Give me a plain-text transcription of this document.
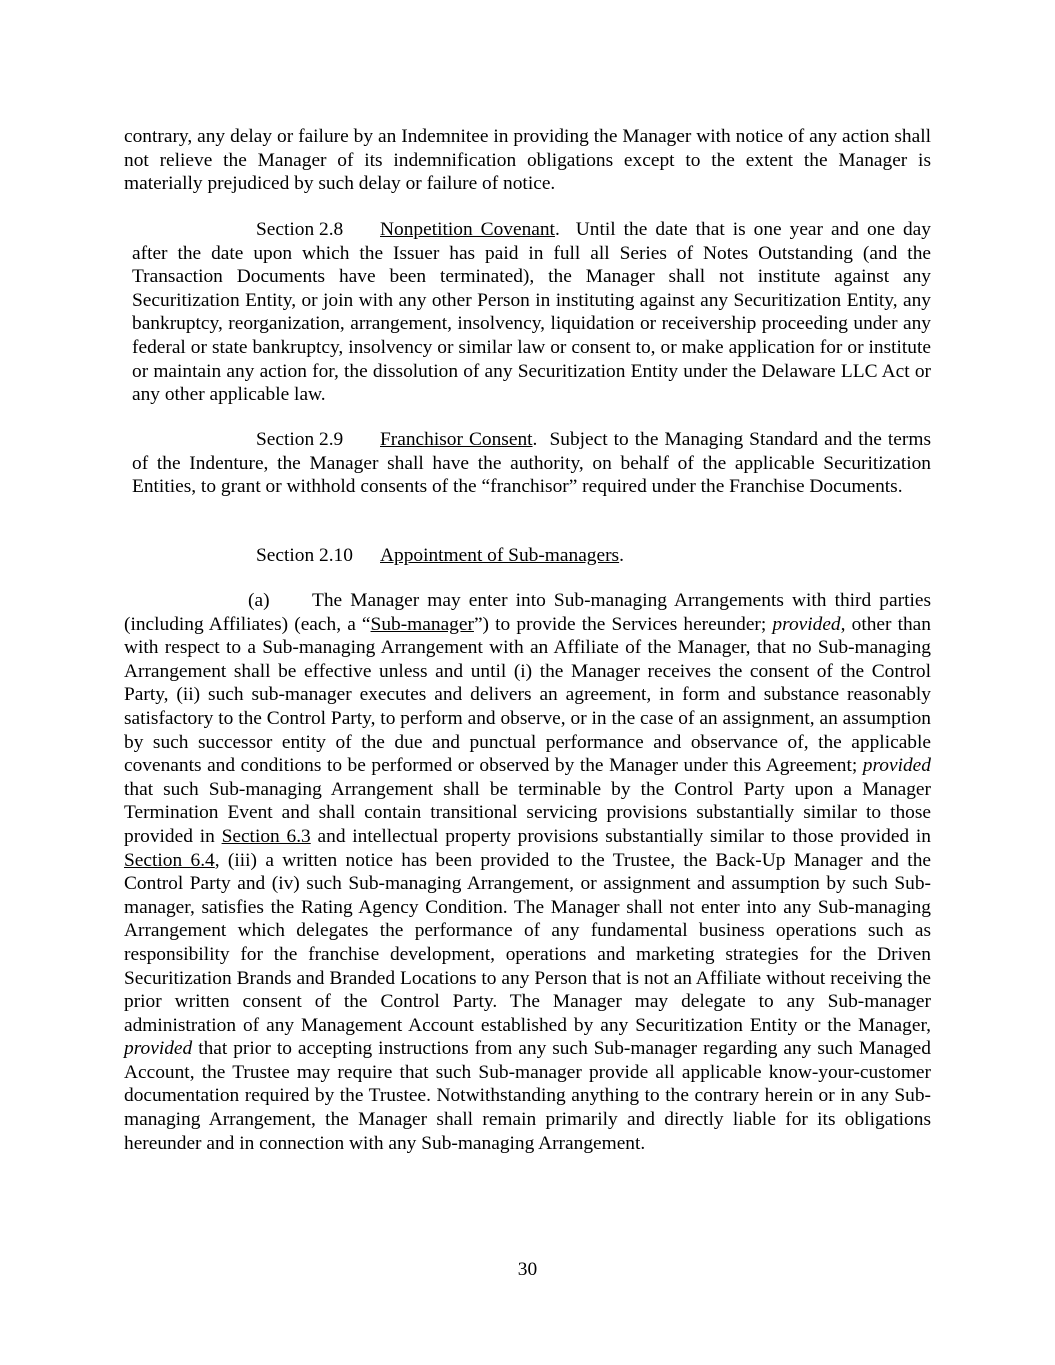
contrary, any delay or failure by an Indemnitee in providing the Manager with notice of any action shall not relieve the Manager of its indemnification obligations except to the extent the Manager is materially prejudiced by such delay or failure of notice.

Section 2.8 Nonpetition Covenant.  Until the date that is one year and one day after the date upon which the Issuer has paid in full all Series of Notes Outstanding (and the Transaction Documents have been terminated), the Manager shall not institute against any Securitization Entity, or join with any other Person in instituting against any Securitization Entity, any bankruptcy, reorganization, arrangement, insolvency, liquidation or receivership proceeding under any federal or state bankruptcy, insolvency or similar law or consent to, or make application for or institute or maintain any action for, the dissolution of any Securitization Entity under the Delaware LLC Act or any other applicable law.

Section 2.9 Franchisor Consent.  Subject to the Managing Standard and the terms of the Indenture, the Manager shall have the authority, on behalf of the applicable Securitization Entities, to grant or withhold consents of the “franchisor” required under the Franchise Documents.

Section 2.10 Appointment of Sub-managers.

(a) The Manager may enter into Sub-managing Arrangements with third parties (including Affiliates) (each, a “Sub-manager”) to provide the Services hereunder; provided, other than with respect to a Sub-managing Arrangement with an Affiliate of the Manager, that no Sub-managing Arrangement shall be effective unless and until (i) the Manager receives the consent of the Control Party, (ii) such sub-manager executes and delivers an agreement, in form and substance reasonably satisfactory to the Control Party, to perform and observe, or in the case of an assignment, an assumption by such successor entity of the due and punctual performance and observance of, the applicable covenants and conditions to be performed or observed by the Manager under this Agreement; provided that such Sub-managing Arrangement shall be terminable by the Control Party upon a Manager Termination Event and shall contain transitional servicing provisions substantially similar to those provided in Section 6.3 and intellectual property provisions substantially similar to those provided in Section 6.4, (iii) a written notice has been provided to the Trustee, the Back-Up Manager and the Control Party and (iv) such Sub-managing Arrangement, or assignment and assumption by such Sub-manager, satisfies the Rating Agency Condition. The Manager shall not enter into any Sub-managing Arrangement which delegates the performance of any fundamental business operations such as responsibility for the franchise development, operations and marketing strategies for the Driven Securitization Brands and Branded Locations to any Person that is not an Affiliate without receiving the prior written consent of the Control Party. The Manager may delegate to any Sub-manager administration of any Management Account established by any Securitization Entity or the Manager, provided that prior to accepting instructions from any such Sub-manager regarding any such Managed Account, the Trustee may require that such Sub-manager provide all applicable know-your-customer documentation required by the Trustee. Notwithstanding anything to the contrary herein or in any Sub-managing Arrangement, the Manager shall remain primarily and directly liable for its obligations hereunder and in connection with any Sub-managing Arrangement.

30
